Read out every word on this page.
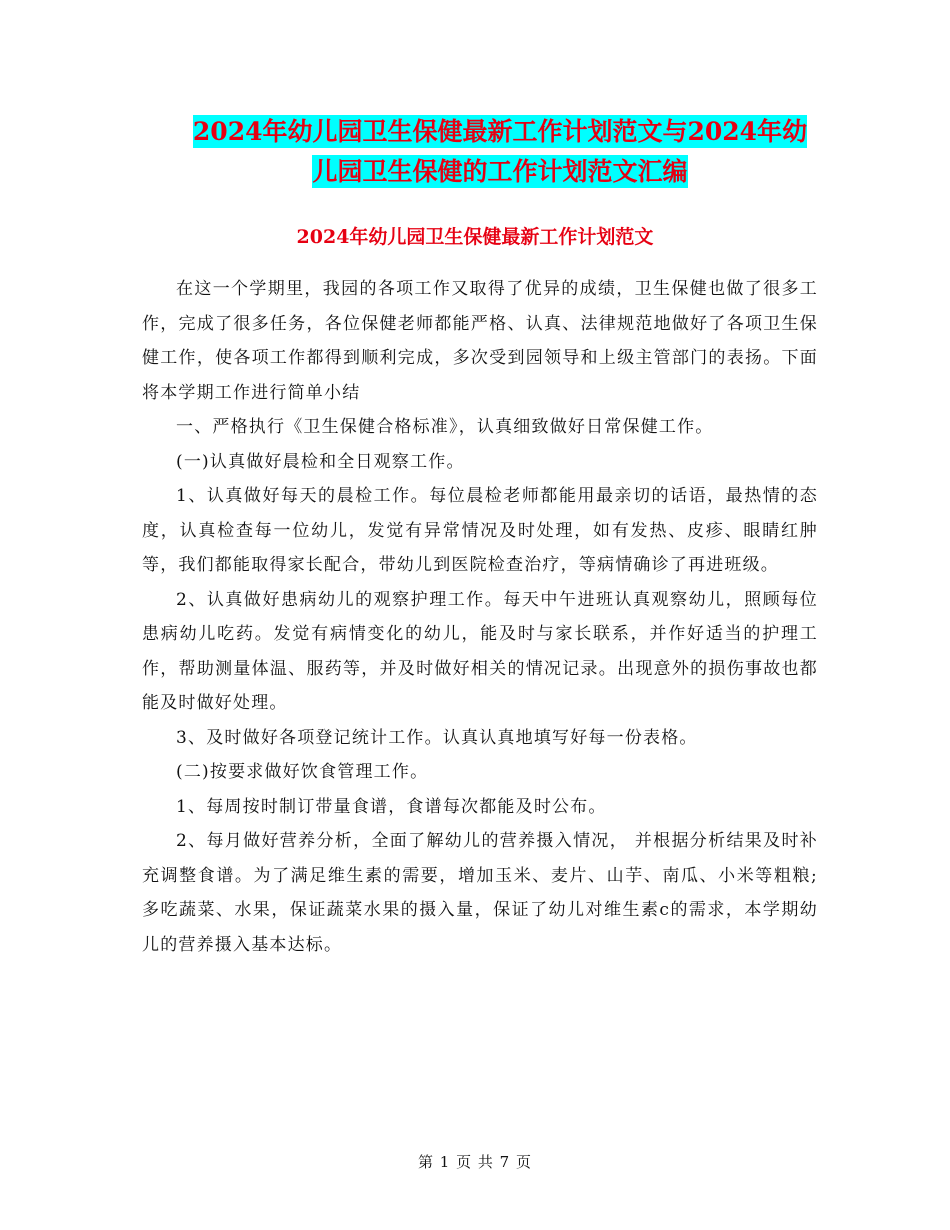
2024年幼儿园卫生保健最新工作计划范文与2024年幼
儿园卫生保健的工作计划范文汇编
2024年幼儿园卫生保健最新工作计划范文

在这一个学期里，我园的各项工作又取得了优异的成绩，卫生保健也做了很多工作，完成了很多任务，各位保健老师都能严格、认真、法律规范地做好了各项卫生保健工作，使各项工作都得到顺利完成，多次受到园领导和上级主管部门的表扬。下面将本学期工作进行简单小结

一、严格执行《卫生保健合格标准》，认真细致做好日常保健工作。

(一)认真做好晨检和全日观察工作。

1、认真做好每天的晨检工作。每位晨检老师都能用最亲切的话语，最热情的态度，认真检查每一位幼儿，发觉有异常情况及时处理，如有发热、皮疹、眼睛红肿等，我们都能取得家长配合，带幼儿到医院检查治疗，等病情确诊了再进班级。

2、认真做好患病幼儿的观察护理工作。每天中午进班认真观察幼儿，照顾每位患病幼儿吃药。发觉有病情变化的幼儿，能及时与家长联系，并作好适当的护理工作，帮助测量体温、服药等，并及时做好相关的情况记录。出现意外的损伤事故也都能及时做好处理。

3、及时做好各项登记统计工作。认真认真地填写好每一份表格。

(二)按要求做好饮食管理工作。

1、每周按时制订带量食谱，食谱每次都能及时公布。

2、每月做好营养分析，全面了解幼儿的营养摄入情况， 并根据分析结果及时补充调整食谱。为了满足维生素的需要，增加玉米、麦片、山芋、南瓜、小米等粗粮;多吃蔬菜、水果，保证蔬菜水果的摄入量，保证了幼儿对维生素c的需求，本学期幼儿的营养摄入基本达标。

第 1 页 共 7 页
